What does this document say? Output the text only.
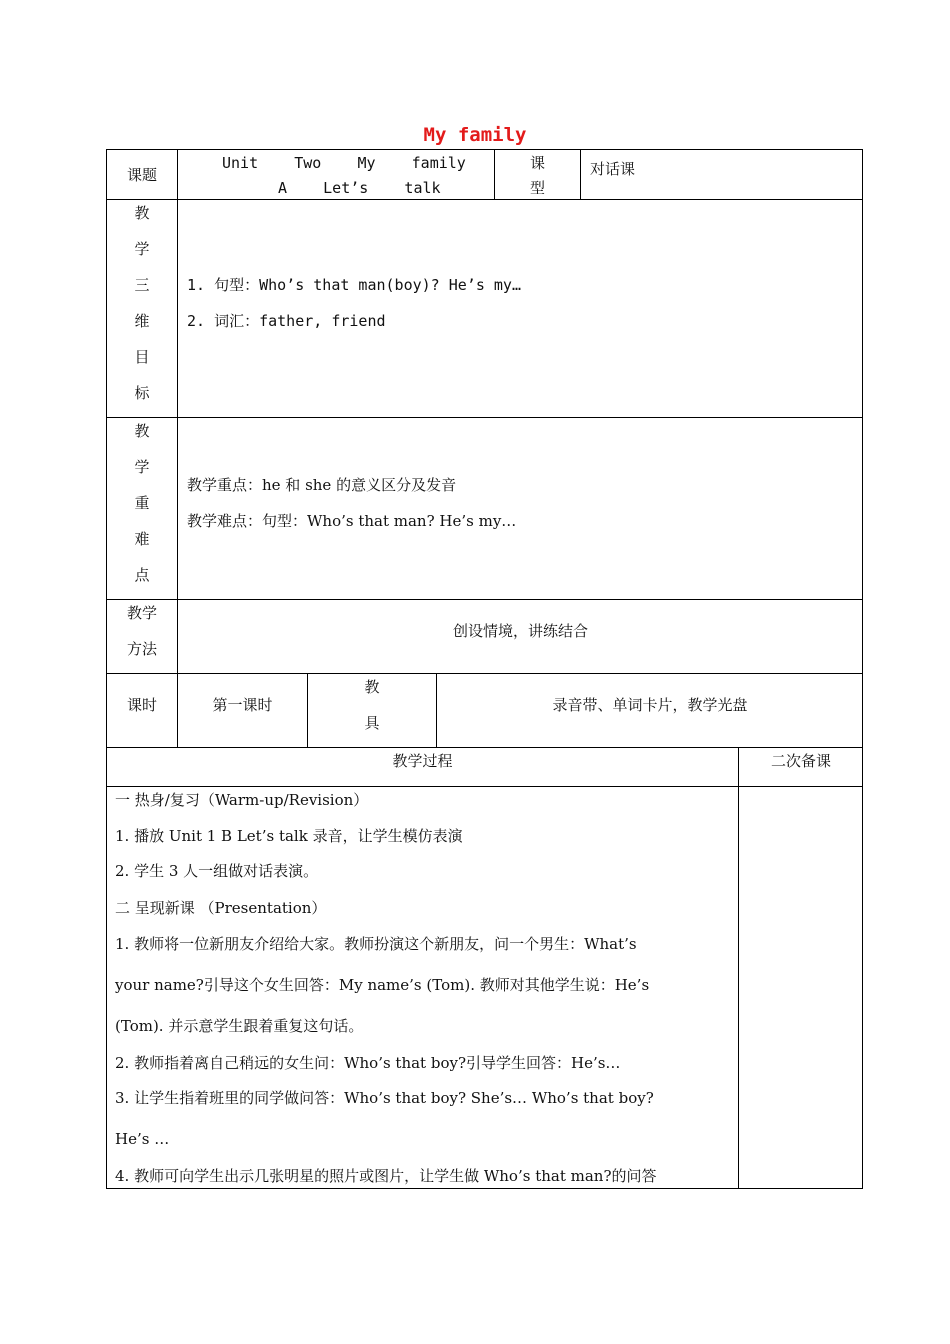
My family
课题
Unit    Two    My    family
A    Let’s    talk
课
型
对话课
教
学
三
维
目
标
1. 句型：Who’s that man(boy)? He’s my…
2. 词汇：father, friend
教
学
重
难
点
教学重点：he 和 she 的意义区分及发音
教学难点：句型：Who’s that man? He’s my…
教学
方法
创设情境，讲练结合
课时	第一课时
教
具
录音带、单词卡片，教学光盘
教学过程	二次备课
一 热身/复习（Warm-up/Revision）
1. 播放 Unit 1 B Let’s talk 录音，让学生模仿表演
2. 学生 3 人一组做对话表演。
二 呈现新课 （Presentation）
1. 教师将一位新朋友介绍给大家。教师扮演这个新朋友，问一个男生：What’s
your name?引导这个女生回答：My name’s (Tom). 教师对其他学生说：He’s
(Tom). 并示意学生跟着重复这句话。
2. 教师指着离自己稍远的女生问：Who’s that boy?引导学生回答：He’s…
3. 让学生指着班里的同学做问答：Who’s that boy? She’s… Who’s that boy?
He’s …
4. 教师可向学生出示几张明星的照片或图片，让学生做 Who’s that man?的问答
